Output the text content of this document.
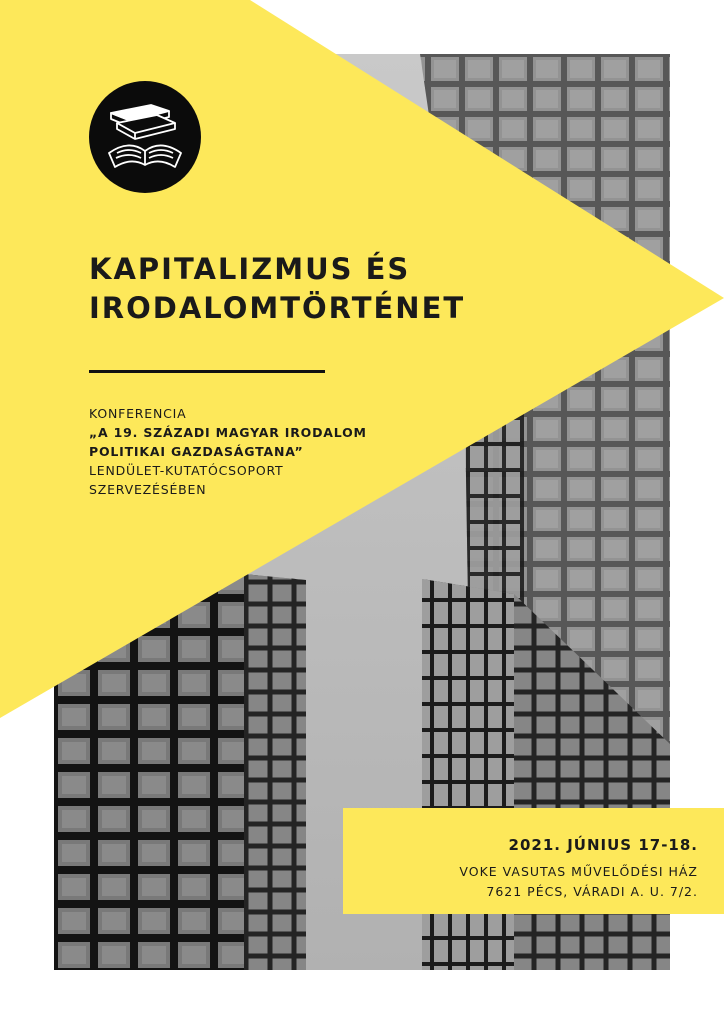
KAPITALIZMUS ÉS
IRODALOMTÖRTÉNET

KONFERENCIA

„A 19. SZÁZADI MAGYAR IRODALOM

POLITIKAI GAZDASÁGTANA”

LENDÜLET-KUTATÓCSOPORT

SZERVEZÉSÉBEN

2021. JÚNIUS 17-18.

VOKE VASUTAS MŰVELŐDÉSI HÁZ

7621 PÉCS, VÁRADI A. U. 7/2.
